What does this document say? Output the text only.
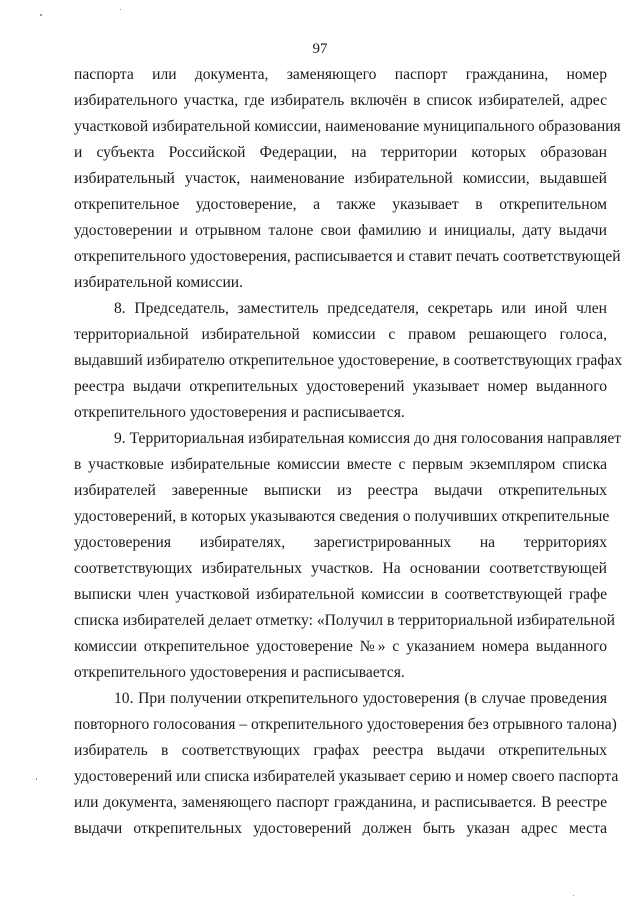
97
паспорта или документа, заменяющего паспорт гражданина, номер
избирательного участка, где избиратель включён в список избирателей, адрес
участковой избирательной комиссии, наименование муниципального образования
и субъекта Российской Федерации, на территории которых образован
избирательный участок, наименование избирательной комиссии, выдавшей
открепительное удостоверение, а также указывает в открепительном
удостоверении и отрывном талоне свои фамилию и инициалы, дату выдачи
открепительного удостоверения, расписывается и ставит печать соответствующей
избирательной комиссии.
8. Председатель, заместитель председателя, секретарь или иной член
территориальной избирательной комиссии с правом решающего голоса,
выдавший избирателю открепительное удостоверение, в соответствующих графах
реестра выдачи открепительных удостоверений указывает номер выданного
открепительного удостоверения и расписывается.
9. Территориальная избирательная комиссия до дня голосования направляет
в участковые избирательные комиссии вместе с первым экземпляром списка
избирателей заверенные выписки из реестра выдачи открепительных
удостоверений, в которых указываются сведения о получивших открепительные
удостоверения избирателях, зарегистрированных на территориях
соответствующих избирательных участков. На основании соответствующей
выписки член участковой избирательной комиссии в соответствующей графе
списка избирателей делает отметку: «Получил в территориальной избирательной
комиссии открепительное удостоверение №» с указанием номера выданного
открепительного удостоверения и расписывается.
10. При получении открепительного удостоверения (в случае проведения
повторного голосования – открепительного удостоверения без отрывного талона)
избиратель в соответствующих графах реестра выдачи открепительных
удостоверений или списка избирателей указывает серию и номер своего паспорта
или документа, заменяющего паспорт гражданина, и расписывается. В реестре
выдачи открепительных удостоверений должен быть указан адрес места
